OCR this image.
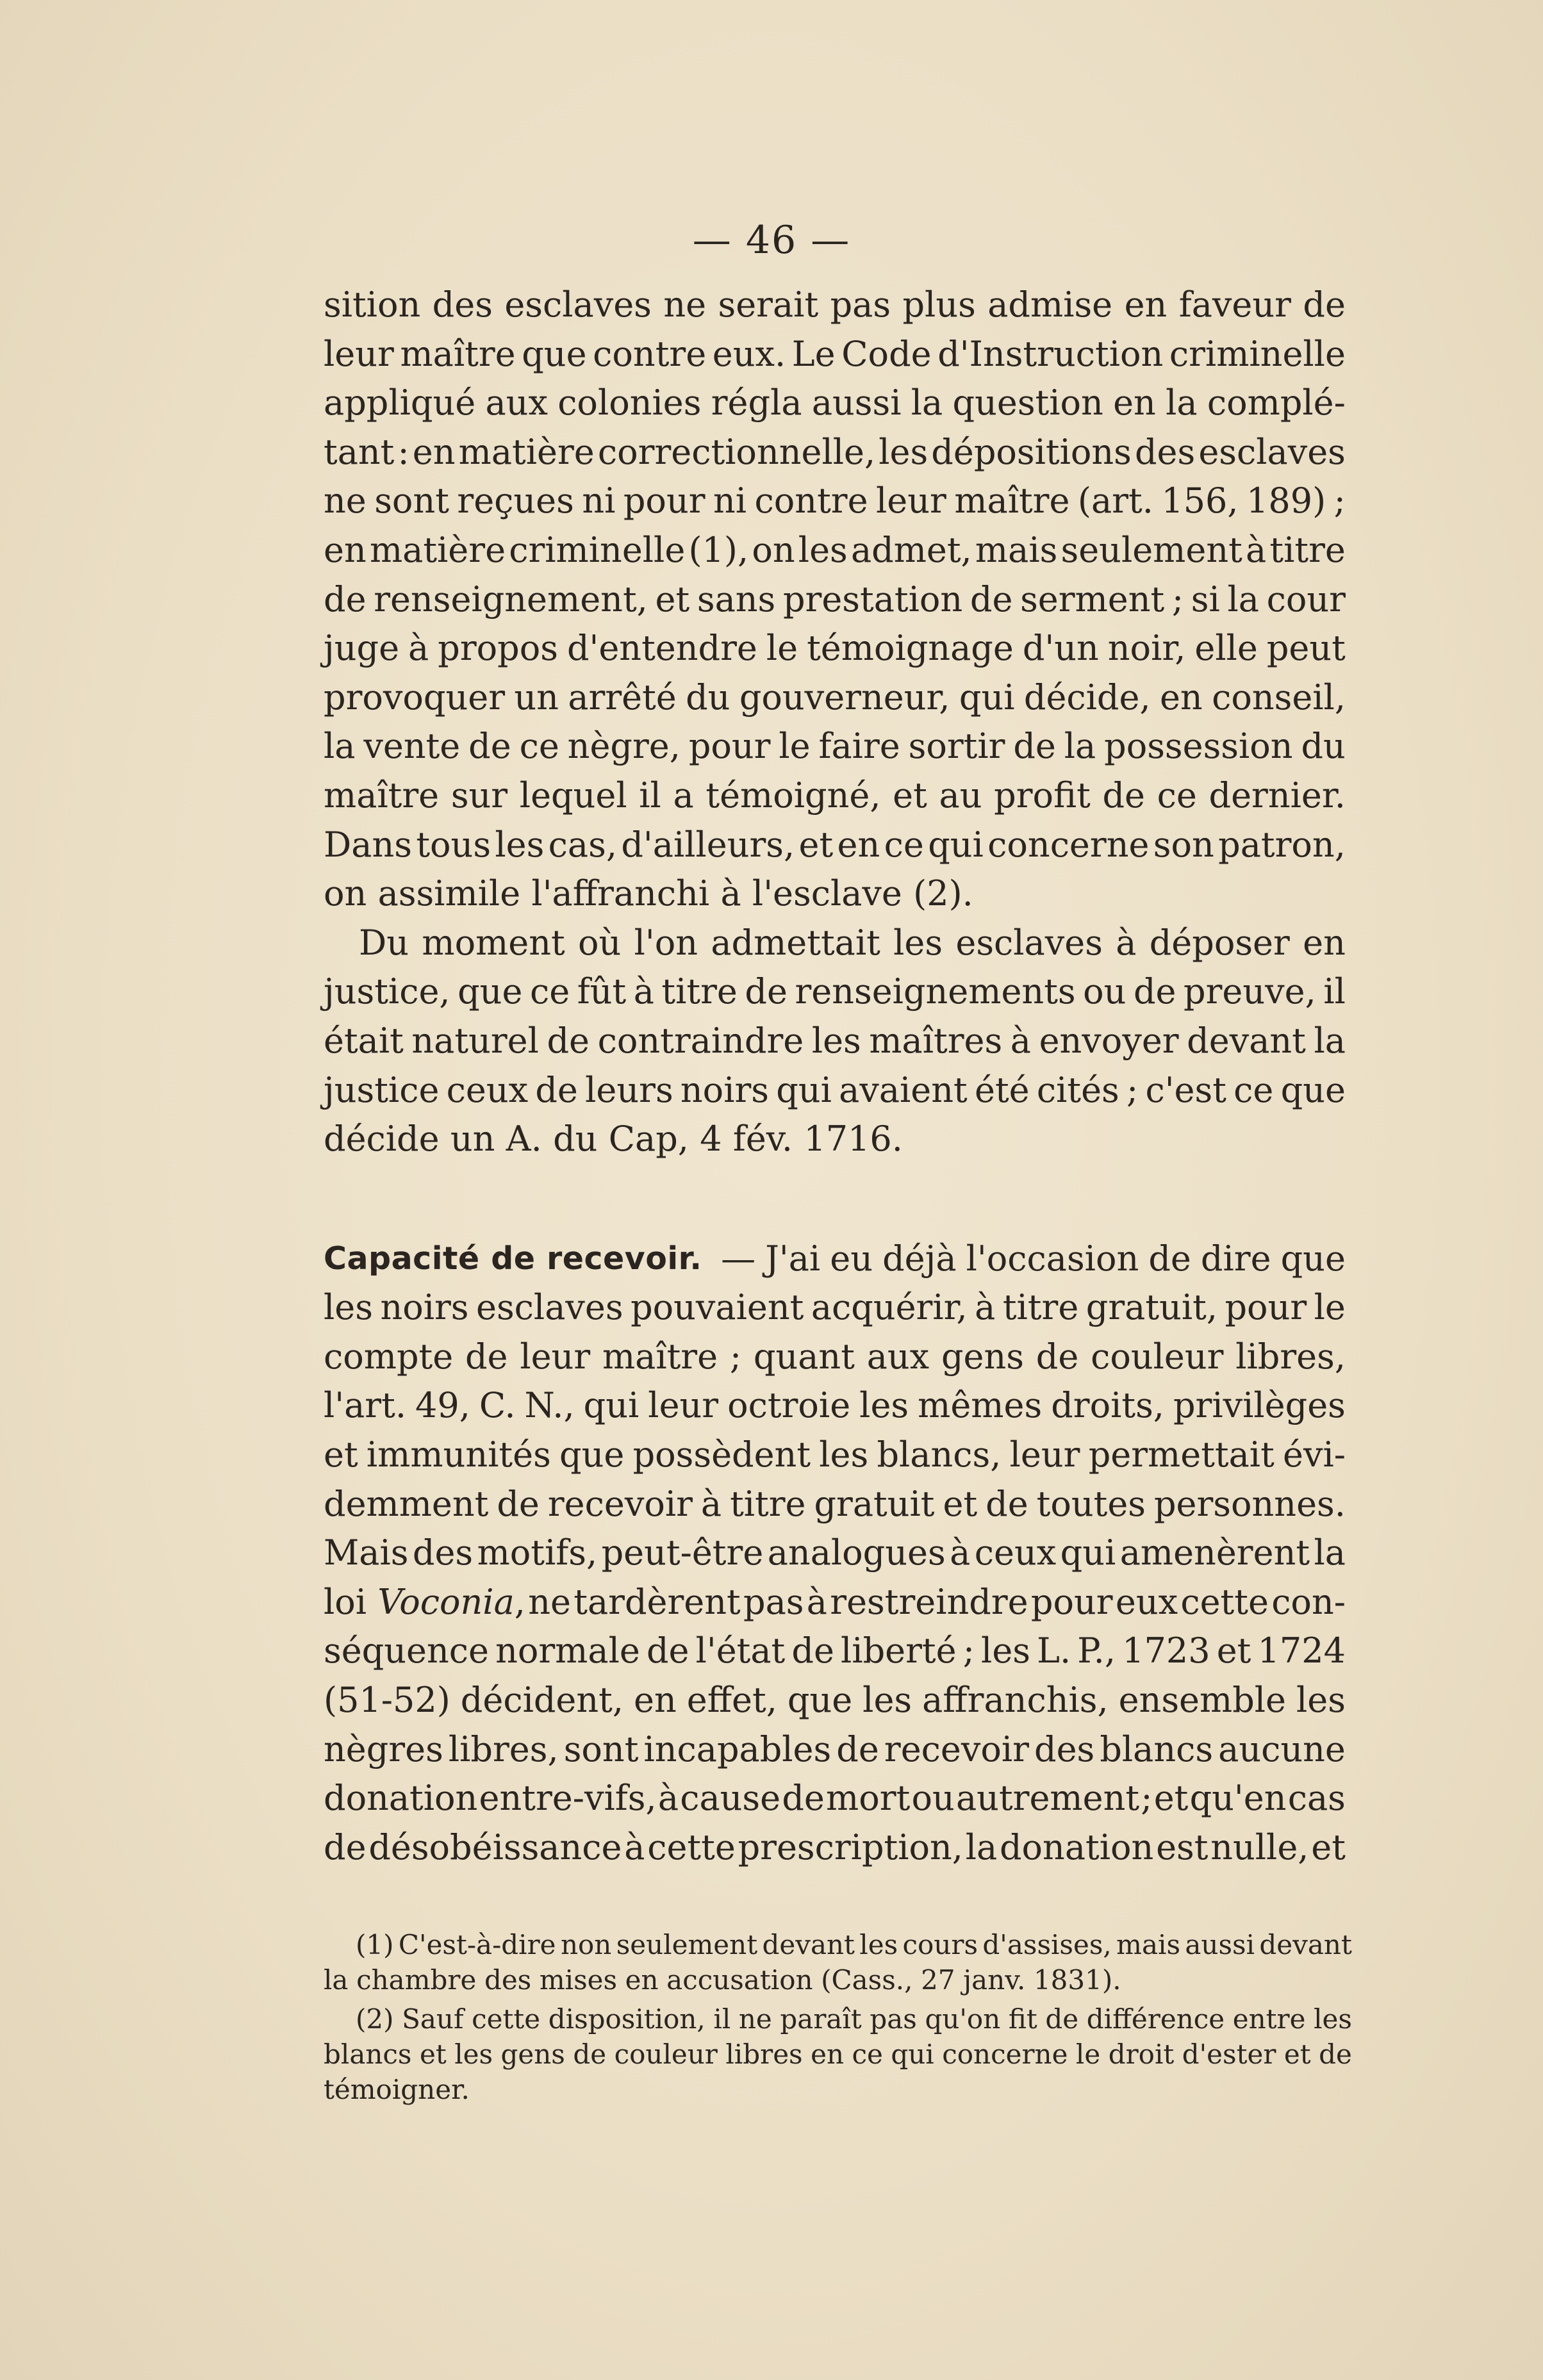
— 46 —
sition des esclaves ne serait pas plus admise en faveur de
leur maître que contre eux. Le Code d'Instruction criminelle
appliqué aux colonies régla aussi la question en la complé-
tant : en matière correctionnelle, les dépositions des esclaves
ne sont reçues ni pour ni contre leur maître (art. 156, 189) ;
en matière criminelle (1), on les admet, mais seulement à titre
de renseignement, et sans prestation de serment ; si la cour
juge à propos d'entendre le témoignage d'un noir, elle peut
provoquer un arrêté du gouverneur, qui décide, en conseil,
la vente de ce nègre, pour le faire sortir de la possession du
maître sur lequel il a témoigné, et au profit de ce dernier.
Dans tous les cas, d'ailleurs, et en ce qui concerne son patron,
on assimile l'affranchi à l'esclave (2).
Du moment où l'on admettait les esclaves à déposer en
justice, que ce fût à titre de renseignements ou de preuve, il
était naturel de contraindre les maîtres à envoyer devant la
justice ceux de leurs noirs qui avaient été cités ; c'est ce que
décide un A. du Cap, 4 fév. 1716.
Capacité de recevoir. — J'ai eu déjà l'occasion de dire que
les noirs esclaves pouvaient acquérir, à titre gratuit, pour le
compte de leur maître ; quant aux gens de couleur libres,
l'art. 49, C. N., qui leur octroie les mêmes droits, privilèges
et immunités que possèdent les blancs, leur permettait évi-
demment de recevoir à titre gratuit et de toutes personnes.
Mais des motifs, peut-être analogues à ceux qui amenèrent la
loi Voconia , ne tardèrent pas à restreindre pour eux cette con-
séquence normale de l'état de liberté ; les L. P., 1723 et 1724
(51-52) décident, en effet, que les affranchis, ensemble les
nègres libres, sont incapables de recevoir des blancs aucune
donation entre-vifs, à cause de mort ou autrement ; et qu'en cas
de désobéissance à cette prescription, la donation est nulle, et
(1) C'est-à-dire non seulement devant les cours d'assises, mais aussi devant
la chambre des mises en accusation (Cass., 27 janv. 1831).
(2) Sauf cette disposition, il ne paraît pas qu'on fit de différence entre les
blancs et les gens de couleur libres en ce qui concerne le droit d'ester et de
témoigner.
